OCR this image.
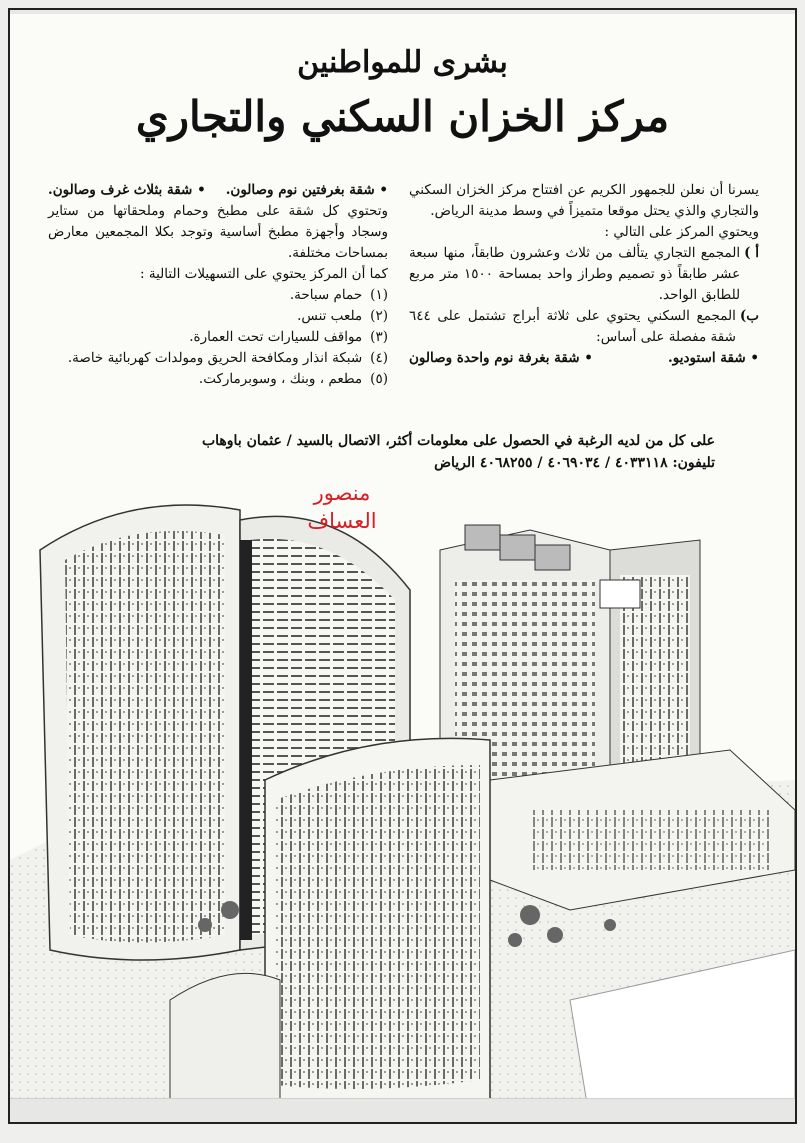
بشرى للمواطنين
مركز الخزان السكني والتجاري

يسرنا أن نعلن للجمهور الكريم عن افتتاح مركز الخزان السكني والتجاري والذي يحتل موقعا متميزاً في وسط مدينة الرياض.

ويحتوي المركز على التالي :

أ )
المجمع التجاري يتألف من ثلاث وعشرون طابقاً، منها سبعة عشر طابقاً ذو تصميم وطراز واحد بمساحة ١٥٠٠ متر مربع للطابق الواحد.
ب)
المجمع السكني يحتوي على ثلاثة أبراج تشتمل على ٦٤٤ شقة مفصلة على أساس:
• شقة استوديو.
• شقة بغرفة نوم واحدة وصالون
• شقة بغرفتين نوم وصالون.
• شقة بثلاث غرف وصالون.

وتحتوي كل شقة على مطبخ وحمام وملحقاتها من ستاير وسجاد وأجهزة مطبخ أساسية وتوجد بكلا المجمعين معارض بمساحات مختلفة.

كما أن المركز يحتوي على التسهيلات التالية :

(١)
حمام سباحة.
(٢)
ملعب تنس.
(٣)
مواقف للسيارات تحت العمارة.
(٤)
شبكة انذار ومكافحة الحريق ومولدات كهربائية خاصة.
(٥)
مطعم ، وبنك ، وسوبرماركت.
على كل من لديه الرغبة في الحصول على معلومات أكثر، الاتصال بالسيد / عثمان باوهاب
تليفون: ٤٠٣٣١١٨ / ٤٠٦٩٠٣٤ / ٤٠٦٨٢٥٥ الرياض
منصور
العساف
